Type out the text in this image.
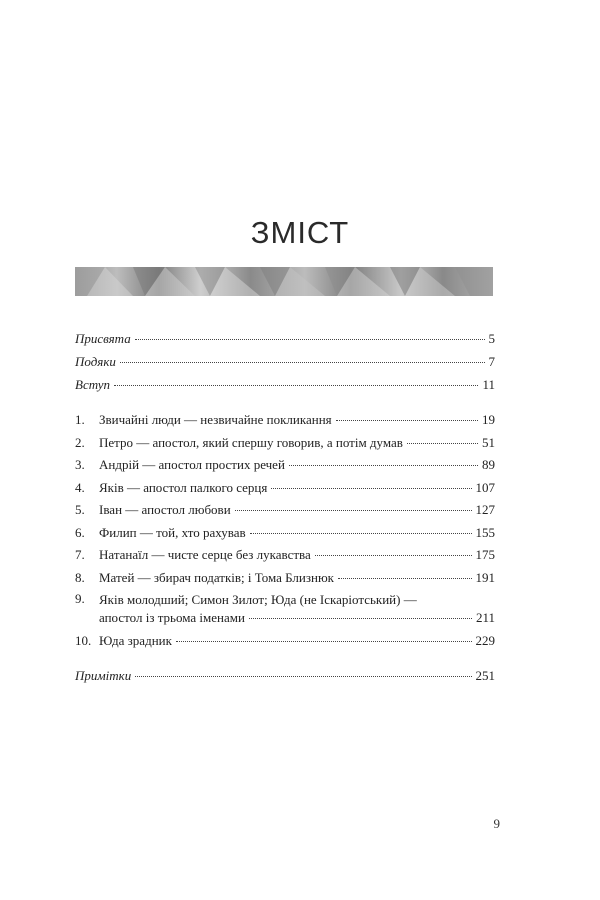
ЗМІСТ
Присвята	5
Подяки	7
Вступ	11
1.	Звичайні люди — незвичайне покликання	19
2.	Петро — апостол, який спершу говорив, а потім думав	51
3.	Андрій — апостол простих речей	89
4.	Яків — апостол палкого серця	107
5.	Іван — апостол любови	127
6.	Филип — той, хто рахував	155
7.	Натанаїл — чисте серце без лукавства	175
8.	Матей — збирач податків; і Тома Близнюк	191
9.	Яків молодший; Симон Зилот; Юда (не Іскаріотський) —
апостол із трьома іменами	211
10. Юда зрадник	229
Примітки	251
9
